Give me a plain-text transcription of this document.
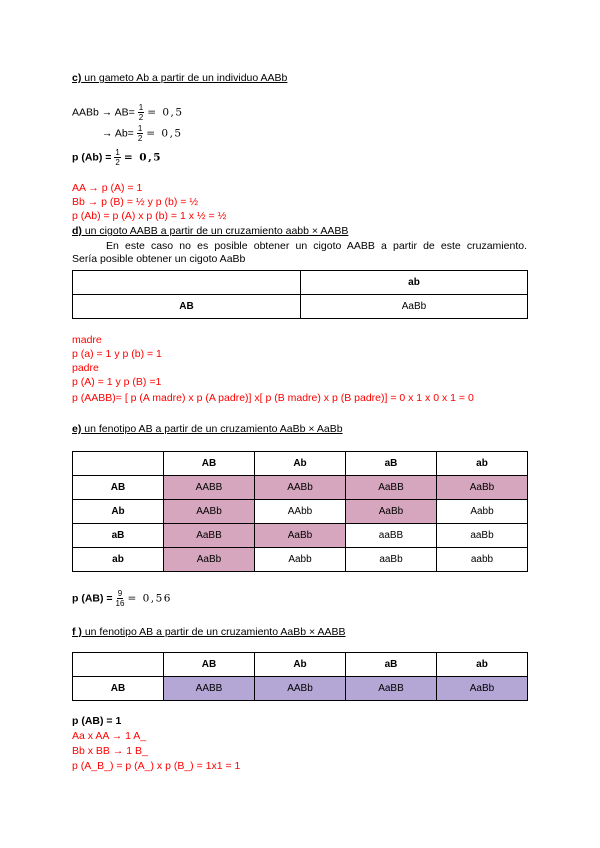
c) un gameto Ab a partir de un individuo AABb
AABb → $AB= \frac{1}{2} = 0,5$
→ $Ab= \frac{1}{2} = 0,5$
p $(Ab) = \frac{1}{2} = 0,5$
AA → p (A) = 1
Bb → p (B) = ½ y p (b) = ½
p (Ab) = p (A) x p (b) = 1 x ½ = ½
d) un cigoto AABB a partir de un cruzamiento aabb × AABB
En este caso no es posible obtener un cigoto AABB a partir de este cruzamiento.
Sería posible obtener un cigoto AaBb
	ab
AB	AaBb
madre
p (a) = 1 y p (b) = 1
padre
p (A) = 1 y p (B) =1
p (AABB)= [ p (A madre) x p (A padre)] x[ p (B madre) x p (B padre)] = 0 x 1 x 0 x 1 = 0
e) un fenotipo AB a partir de un cruzamiento AaBb × AaBb
	AB	Ab	aB	ab
AB	AABB	AABb	AaBB	AaBb
Ab	AABb	AAbb	AaBb	Aabb
aB	AaBB	AaBb	aaBB	aaBb
ab	AaBb	Aabb	aaBb	aabb
p $(AB) = \frac{9}{16} = 0,56$
f ) un fenotipo AB a partir de un cruzamiento AaBb × AABB
	AB	Ab	aB	ab
AB	AABB	AABb	AaBB	AaBb
p (AB) = 1
Aa x AA → 1 A_
Bb x BB → 1 B_
p (A_B_) = p (A_) x p (B_) = 1x1 = 1
